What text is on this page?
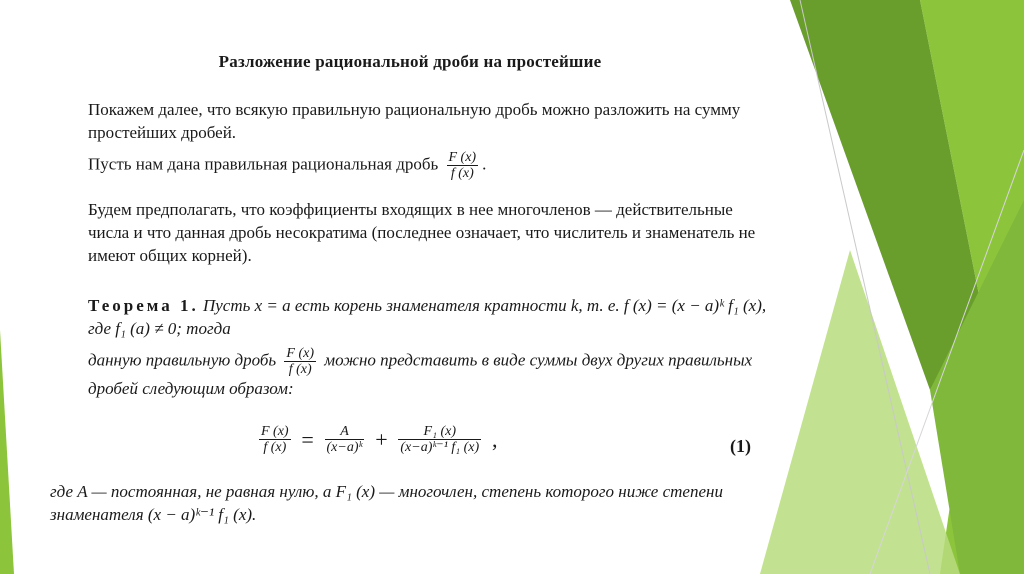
Разложение рациональной дроби на простейшие
Покажем далее, что всякую правильную рациональную дробь можно разложить на сумму простейших дробей.
Пусть нам дана правильная рациональная дробь $\frac{F (x)}{f (x)}$ .
Будем предполагать, что коэффициенты входящих в нее многочленов — действительные числа и что данная дробь несократима (последнее означает, что числитель и знаменатель не имеют общих корней).
Теорема 1. Пусть x = a есть корень знаменателя кратности k, т. е. f (x) = (x − a)ᵏ f₁ (x), где f₁ (a) ≠ 0; тогда
данную правильную дробь $\frac{F (x)}{f (x)}$ можно представить в виде суммы двух других правильных дробей следующим образом:
$\frac{F (x)}{f (x)} = \frac{A}{\text{(x−a)ᵏ}} + \frac{\text{F₁ (x)}}{\text{(x−a)ᵏ⁻¹ f₁ (x)}}$ ,	(1)
где A — постоянная, не равная нулю, а F₁ (x) — многочлен, степень которого ниже степени знаменателя (x − a)ᵏ⁻¹ f₁ (x).
